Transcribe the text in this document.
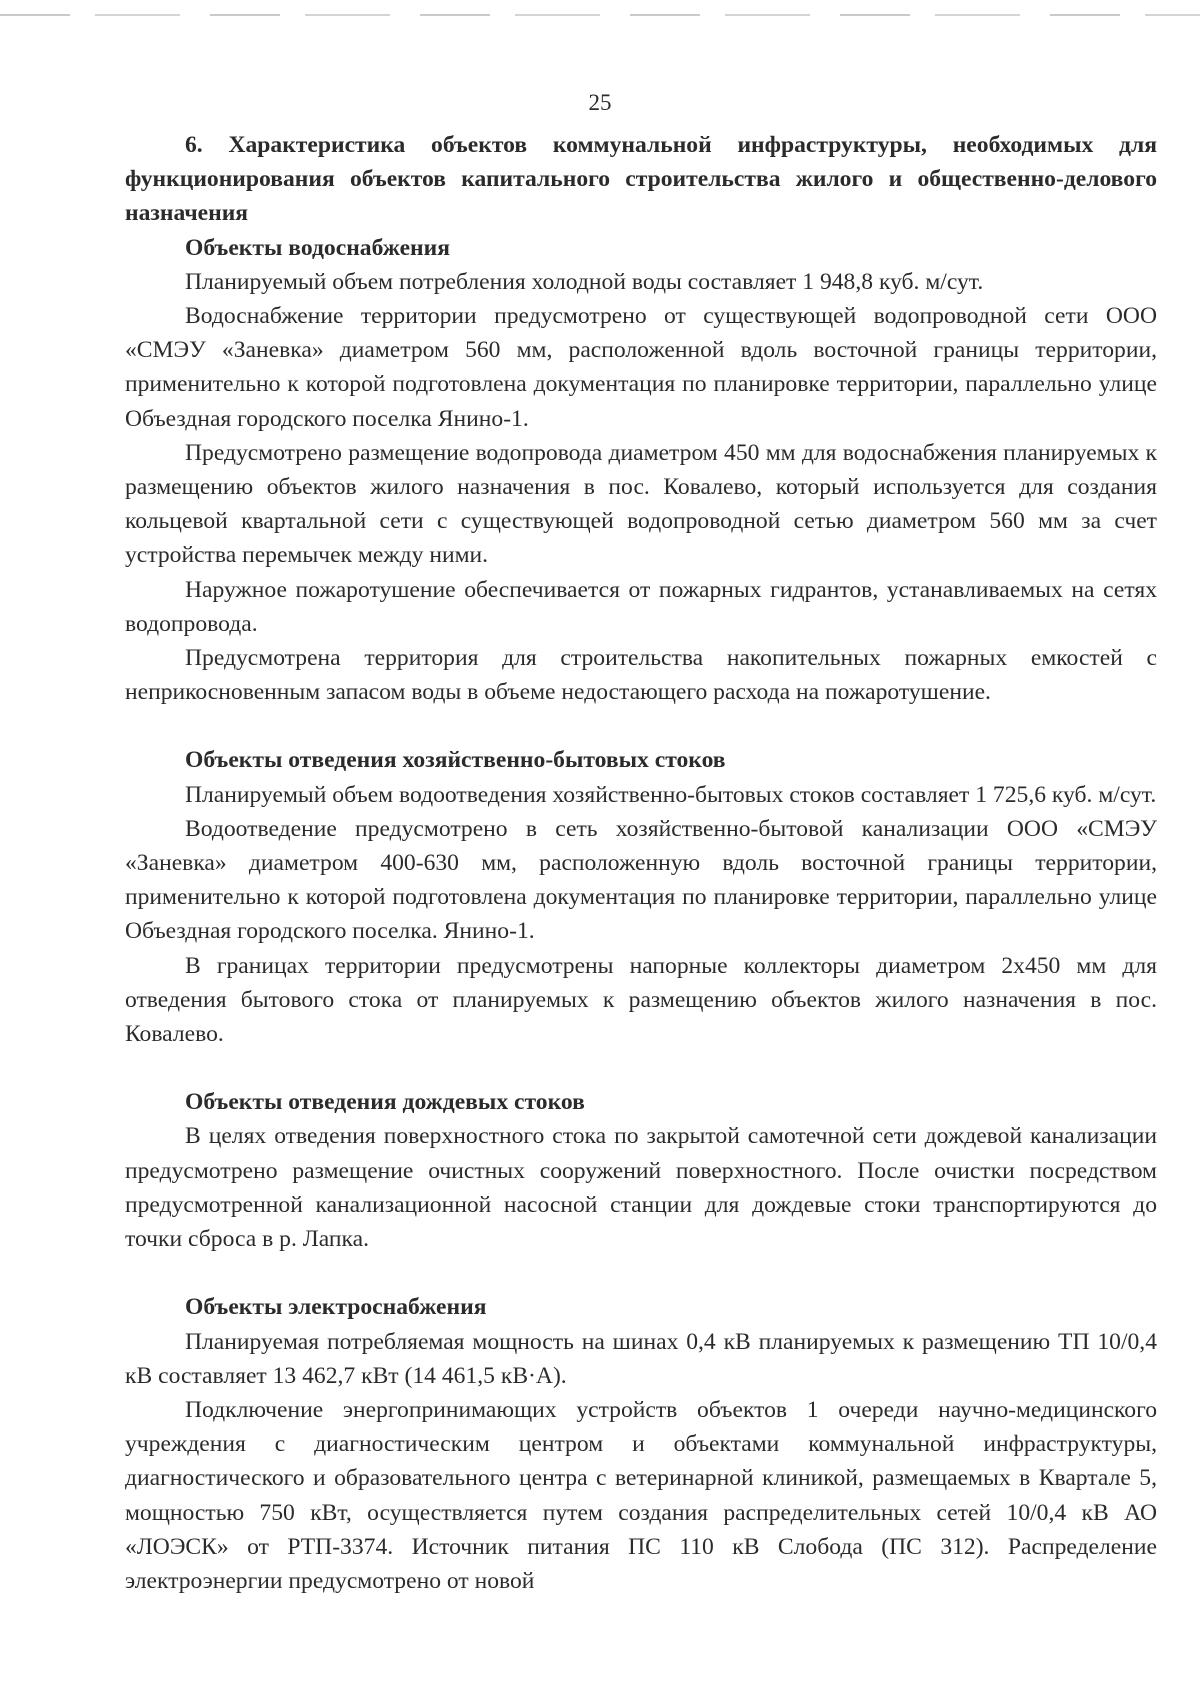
25

6. Характеристика объектов коммунальной инфраструктуры, необходимых для функционирования объектов капитального строительства жилого и общественно-делового назначения

Объекты водоснабжения

Планируемый объем потребления холодной воды составляет 1 948,8 куб. м/сут.

Водоснабжение территории предусмотрено от существующей водопроводной сети ООО «СМЭУ «Заневка» диаметром 560 мм, расположенной вдоль восточной границы территории, применительно к которой подготовлена документация по планировке территории, параллельно улице Объездная городского поселка Янино-1.

Предусмотрено размещение водопровода диаметром 450 мм для водоснабжения планируемых к размещению объектов жилого назначения в пос. Ковалево, который используется для создания кольцевой квартальной сети с существующей водопроводной сетью диаметром 560 мм за счет устройства перемычек между ними.

Наружное пожаротушение обеспечивается от пожарных гидрантов, устанавливаемых на сетях водопровода.

Предусмотрена территория для строительства накопительных пожарных емкостей с неприкосновенным запасом воды в объеме недостающего расхода на пожаротушение.

Объекты отведения хозяйственно-бытовых стоков

Планируемый объем водоотведения хозяйственно-бытовых стоков составляет 1 725,6 куб. м/сут.

Водоотведение предусмотрено в сеть хозяйственно-бытовой канализации ООО «СМЭУ «Заневка» диаметром 400-630 мм, расположенную вдоль восточной границы территории, применительно к которой подготовлена документация по планировке территории, параллельно улице Объездная городского поселка. Янино-1.

В границах территории предусмотрены напорные коллекторы диаметром 2х450 мм для отведения бытового стока от планируемых к размещению объектов жилого назначения в пос. Ковалево.

Объекты отведения дождевых стоков

В целях отведения поверхностного стока по закрытой самотечной сети дождевой канализации предусмотрено размещение очистных сооружений поверхностного. После очистки посредством предусмотренной канализационной насосной станции для дождевые стоки транспортируются до точки сброса в р. Лапка.

Объекты электроснабжения

Планируемая потребляемая мощность на шинах 0,4 кВ планируемых к размещению ТП 10/0,4 кВ составляет 13 462,7 кВт (14 461,5 кВ·А).

Подключение энергопринимающих устройств объектов 1 очереди научно-медицинского учреждения с диагностическим центром и объектами коммунальной инфраструктуры, диагностического и образовательного центра с ветеринарной клиникой, размещаемых в Квартале 5, мощностью 750 кВт, осуществляется путем создания распределительных сетей 10/0,4 кВ АО «ЛОЭСК» от РТП-3374. Источник питания ПС 110 кВ Слобода (ПС 312). Распределение электроэнергии предусмотрено от новой
